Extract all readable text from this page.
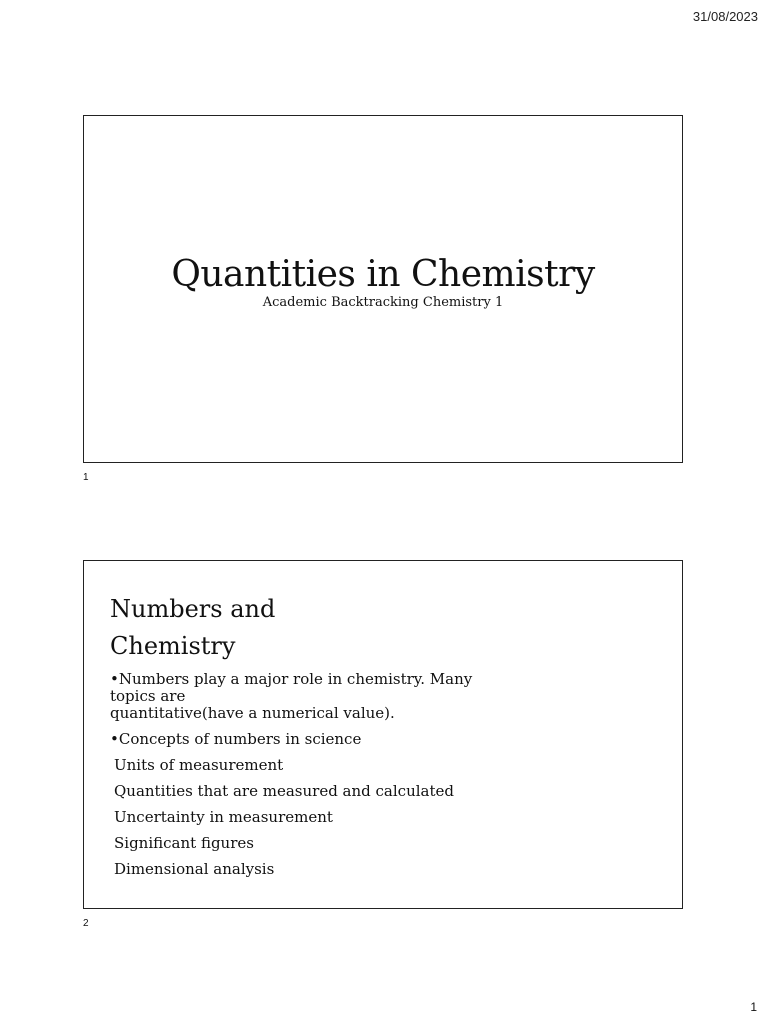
31/08/2023
Quantities in Chemistry
Academic Backtracking Chemistry 1
1
Numbers and
Chemistry
•Numbers play a major role in chemistry. Many topics are
quantitative(have a numerical value).
•Concepts of numbers in science
Units of measurement
Quantities that are measured and calculated
Uncertainty in measurement
Significant figures
Dimensional analysis
2
1
